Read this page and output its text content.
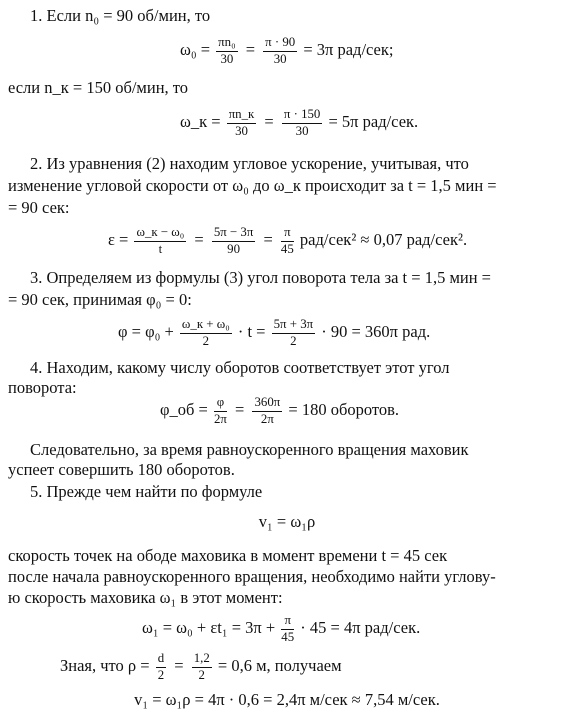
1. Если n₀ = 90 об/мин, то
$\omega_0 = \frac{\text{πn₀}}{30} = \frac{\pi \cdot 90}{30} = 3\pi$ рад/сек;
если n_к = 150 об/мин, то
ω_к = $\frac{\pi n\_к}{30} = \frac{\pi \cdot 150}{30} = 5\pi$ рад/сек.
2. Из уравнения (2) находим угловое ускорение, учитывая, что
изменение угловой скорости от ω₀ до ω_к происходит за t = 1,5 мин =
= 90 сек:
$\varepsilon = \frac{\text{ω\_к − ω₀}}{t} = \frac{5\pi - 3\pi}{90} = \frac{\pi}{45} рад/сек^2 \approx 0,07$ рад/сек².
3. Определяем из формулы (3) угол поворота тела за t = 1,5 мин =
= 90 сек, принимая φ₀ = 0:
$\varphi = \varphi_0 + \frac{\text{ω\_к + ω₀}}{2} \cdot t = \frac{5\pi + 3\pi}{2} \cdot 90 = 360\pi$ рад.
4. Находим, какому числу оборотов соответствует этот угол
поворота:
φ_об = $\frac{\varphi}{2\pi} = \frac{360\pi}{2\pi} = 180$ оборотов.
Следовательно, за время равноускоренного вращения маховик
успеет совершить 180 оборотов.
5. Прежде чем найти по формуле
v₁ = ω₁ρ
скорость точек на ободе маховика в момент времени t = 45 сек
после начала равноускоренного вращения, необходимо найти углову-
ю скорость маховика ω₁ в этот момент:
$\omega_1 = \omega_0 + \varepsilon t_1 = 3\pi + \frac{\pi}{45} \cdot 45 = 4\pi$ рад/сек.
Зная, что $\rho = \frac{d}{2} = \frac{1,2}{2} = 0,6$ м, получаем
v₁ = ω₁ρ = 4π · 0,6 = 2,4π м/сек ≈ 7,54 м/сек.
